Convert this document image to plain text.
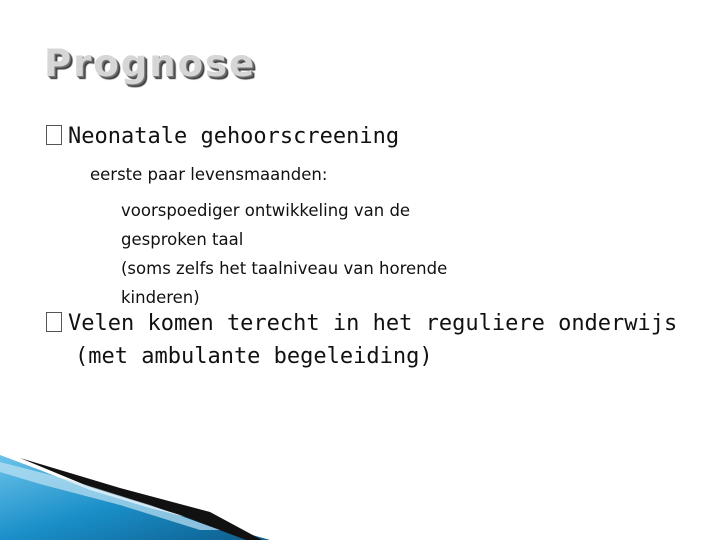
Prognose
Neonatale gehoorscreening
eerste paar levensmaanden:
voorspoediger ontwikkeling van de
gesproken taal
(soms zelfs het taalniveau van horende
kinderen)
Velen komen terecht in het reguliere onderwijs
(met ambulante begeleiding)
